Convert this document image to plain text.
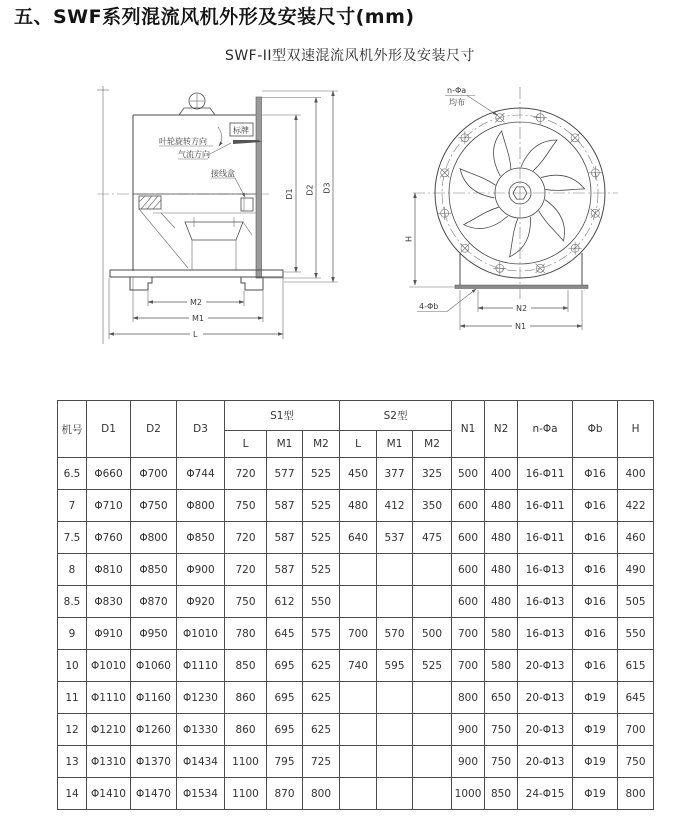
五、SWF系列混流风机外形及安装尺寸(mm)
SWF-II型双速混流风机外形及安装尺寸
叶轮旋转方向
标牌
气流方向
接线盒
M2
M1
L
D1 D2 D3
H
N2
N1
n-Φa
均布
4-Φb
机号	D1	D2	D3	S1型			S2型			N1	N2	n-Φa	Φb	H
				L	M1	M2	L	M1	M2					
6.5	Φ660	Φ700	Φ744	720	577	525	450	377	325	500	400	16-Φ11	Φ16	400
7	Φ710	Φ750	Φ800	750	587	525	480	412	350	600	480	16-Φ11	Φ16	422
7.5	Φ760	Φ800	Φ850	720	587	525	640	537	475	600	480	16-Φ11	Φ16	460
8	Φ810	Φ850	Φ900	720	587	525				600	480	16-Φ13	Φ16	490
8.5	Φ830	Φ870	Φ920	750	612	550				600	480	16-Φ13	Φ16	505
9	Φ910	Φ950	Φ1010	780	645	575	700	570	500	700	580	16-Φ13	Φ16	550
10	Φ1010	Φ1060	Φ1110	850	695	625	740	595	525	700	580	20-Φ13	Φ16	615
11	Φ1110	Φ1160	Φ1230	860	695	625				800	650	20-Φ13	Φ19	645
12	Φ1210	Φ1260	Φ1330	860	695	625				900	750	20-Φ13	Φ19	700
13	Φ1310	Φ1370	Φ1434	1100	795	725				900	750	20-Φ13	Φ19	750
14	Φ1410	Φ1470	Φ1534	1100	870	800				1000	850	24-Φ15	Φ19	800
